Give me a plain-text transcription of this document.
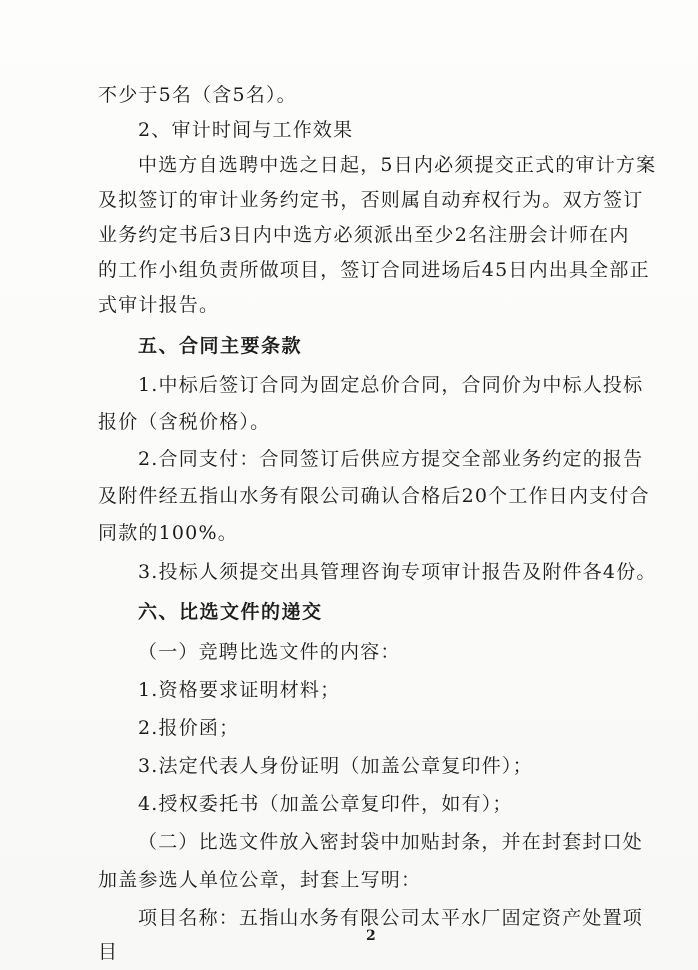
不少于5名（含5名）。
2、审计时间与工作效果
中选方自选聘中选之日起，5日内必须提交正式的审计方案
及拟签订的审计业务约定书，否则属自动弃权行为。双方签订
业务约定书后3日内中选方必须派出至少2名注册会计师在内
的工作小组负责所做项目，签订合同进场后45日内出具全部正
式审计报告。
五、合同主要条款
1.中标后签订合同为固定总价合同，合同价为中标人投标
报价（含税价格）。
2.合同支付：合同签订后供应方提交全部业务约定的报告
及附件经五指山水务有限公司确认合格后20个工作日内支付合
同款的100%。
3.投标人须提交出具管理咨询专项审计报告及附件各4份。
六、比选文件的递交
（一）竞聘比选文件的内容：
1.资格要求证明材料；
2.报价函；
3.法定代表人身份证明（加盖公章复印件）；
4.授权委托书（加盖公章复印件，如有）；
（二）比选文件放入密封袋中加贴封条，并在封套封口处
加盖参选人单位公章，封套上写明：
项目名称：五指山水务有限公司太平水厂固定资产处置项
目
2
